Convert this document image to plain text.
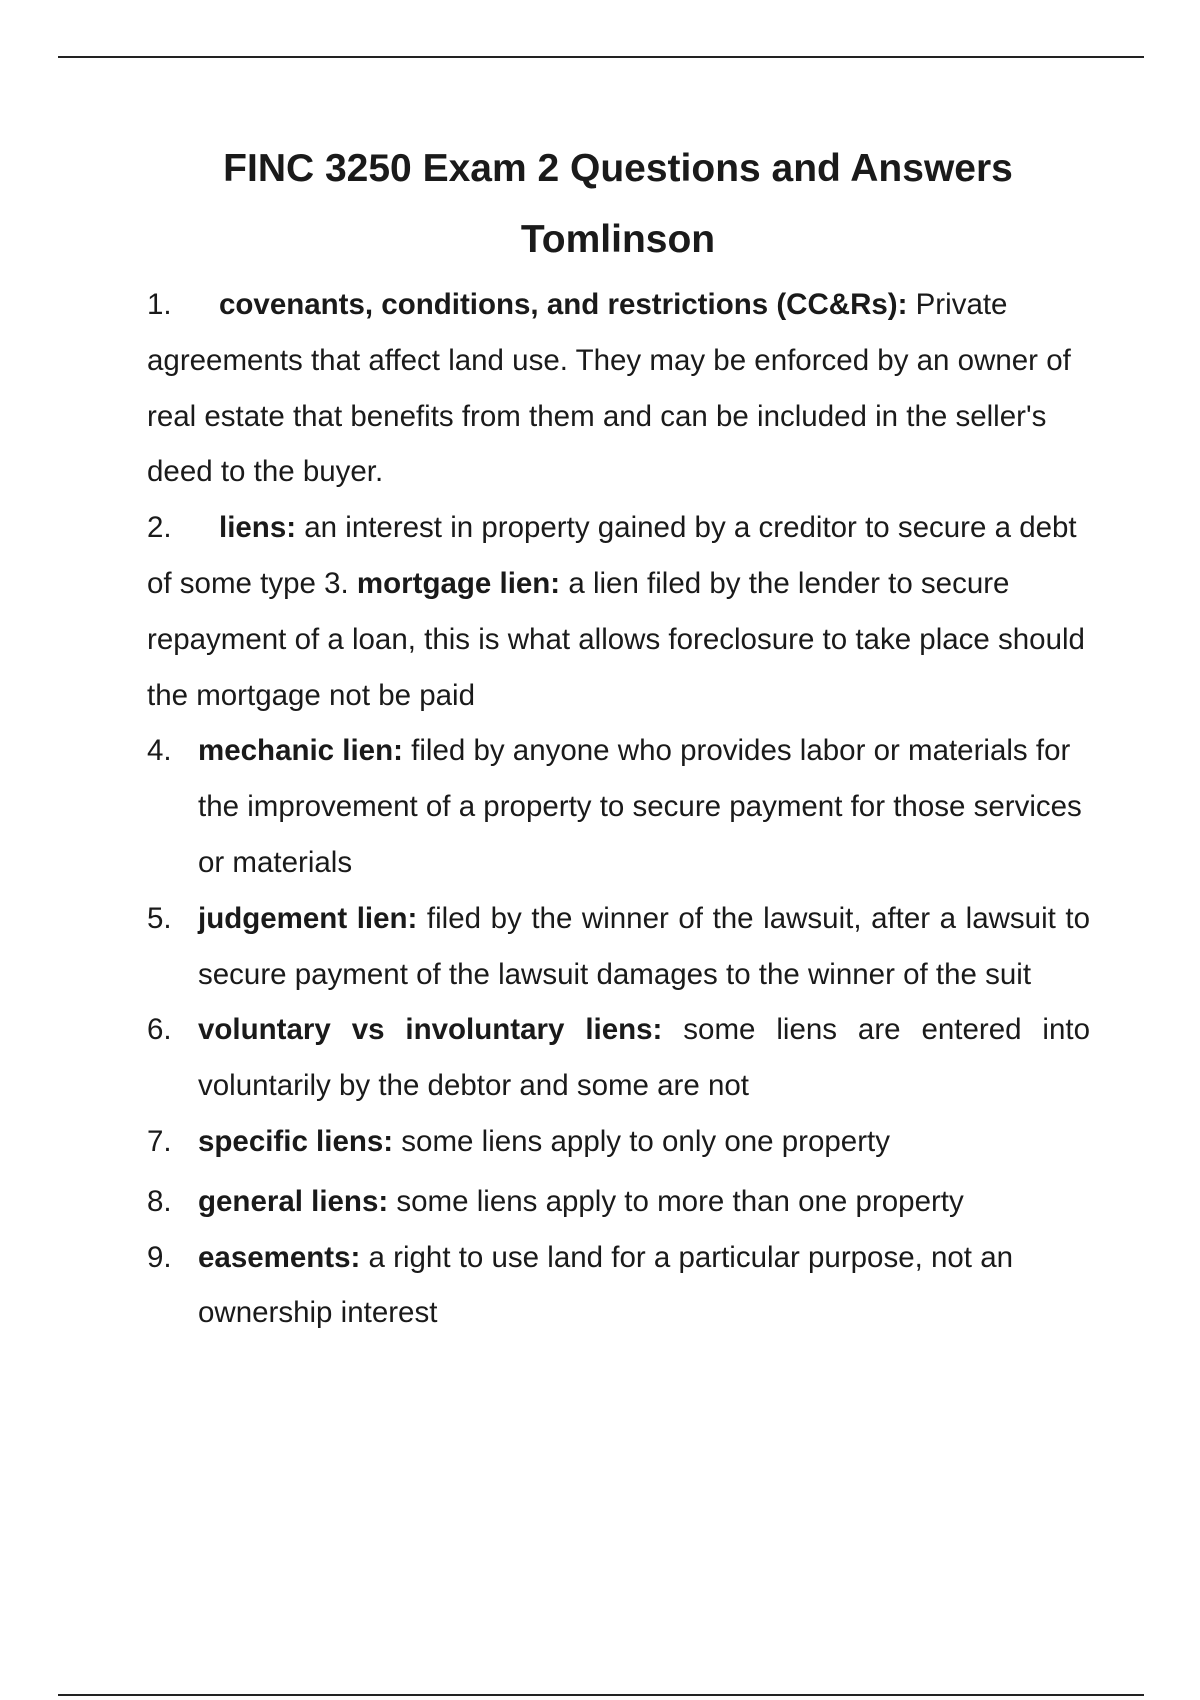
FINC 3250 Exam 2 Questions and Answers
Tomlinson

1. covenants, conditions, and restrictions (CC&Rs): Private agreements that affect land use. They may be enforced by an owner of real estate that benefits from them and can be included in the seller's deed to the buyer.

2. liens: an interest in property gained by a creditor to secure a debt of some type 3. mortgage lien: a lien filed by the lender to secure repayment of a loan, this is what allows foreclosure to take place should the mortgage not be paid

4. mechanic lien: filed by anyone who provides labor or materials for the improvement of a property to secure payment for those services or materials
5. judgement lien: filed by the winner of the lawsuit, after a lawsuit to secure payment of the lawsuit damages to the winner of the suit
6. voluntary vs involuntary liens: some liens are entered into voluntarily by the debtor and some are not
7. specific liens: some liens apply to only one property
8. general liens: some liens apply to more than one property
9. easements: a right to use land for a particular purpose, not an ownership interest
